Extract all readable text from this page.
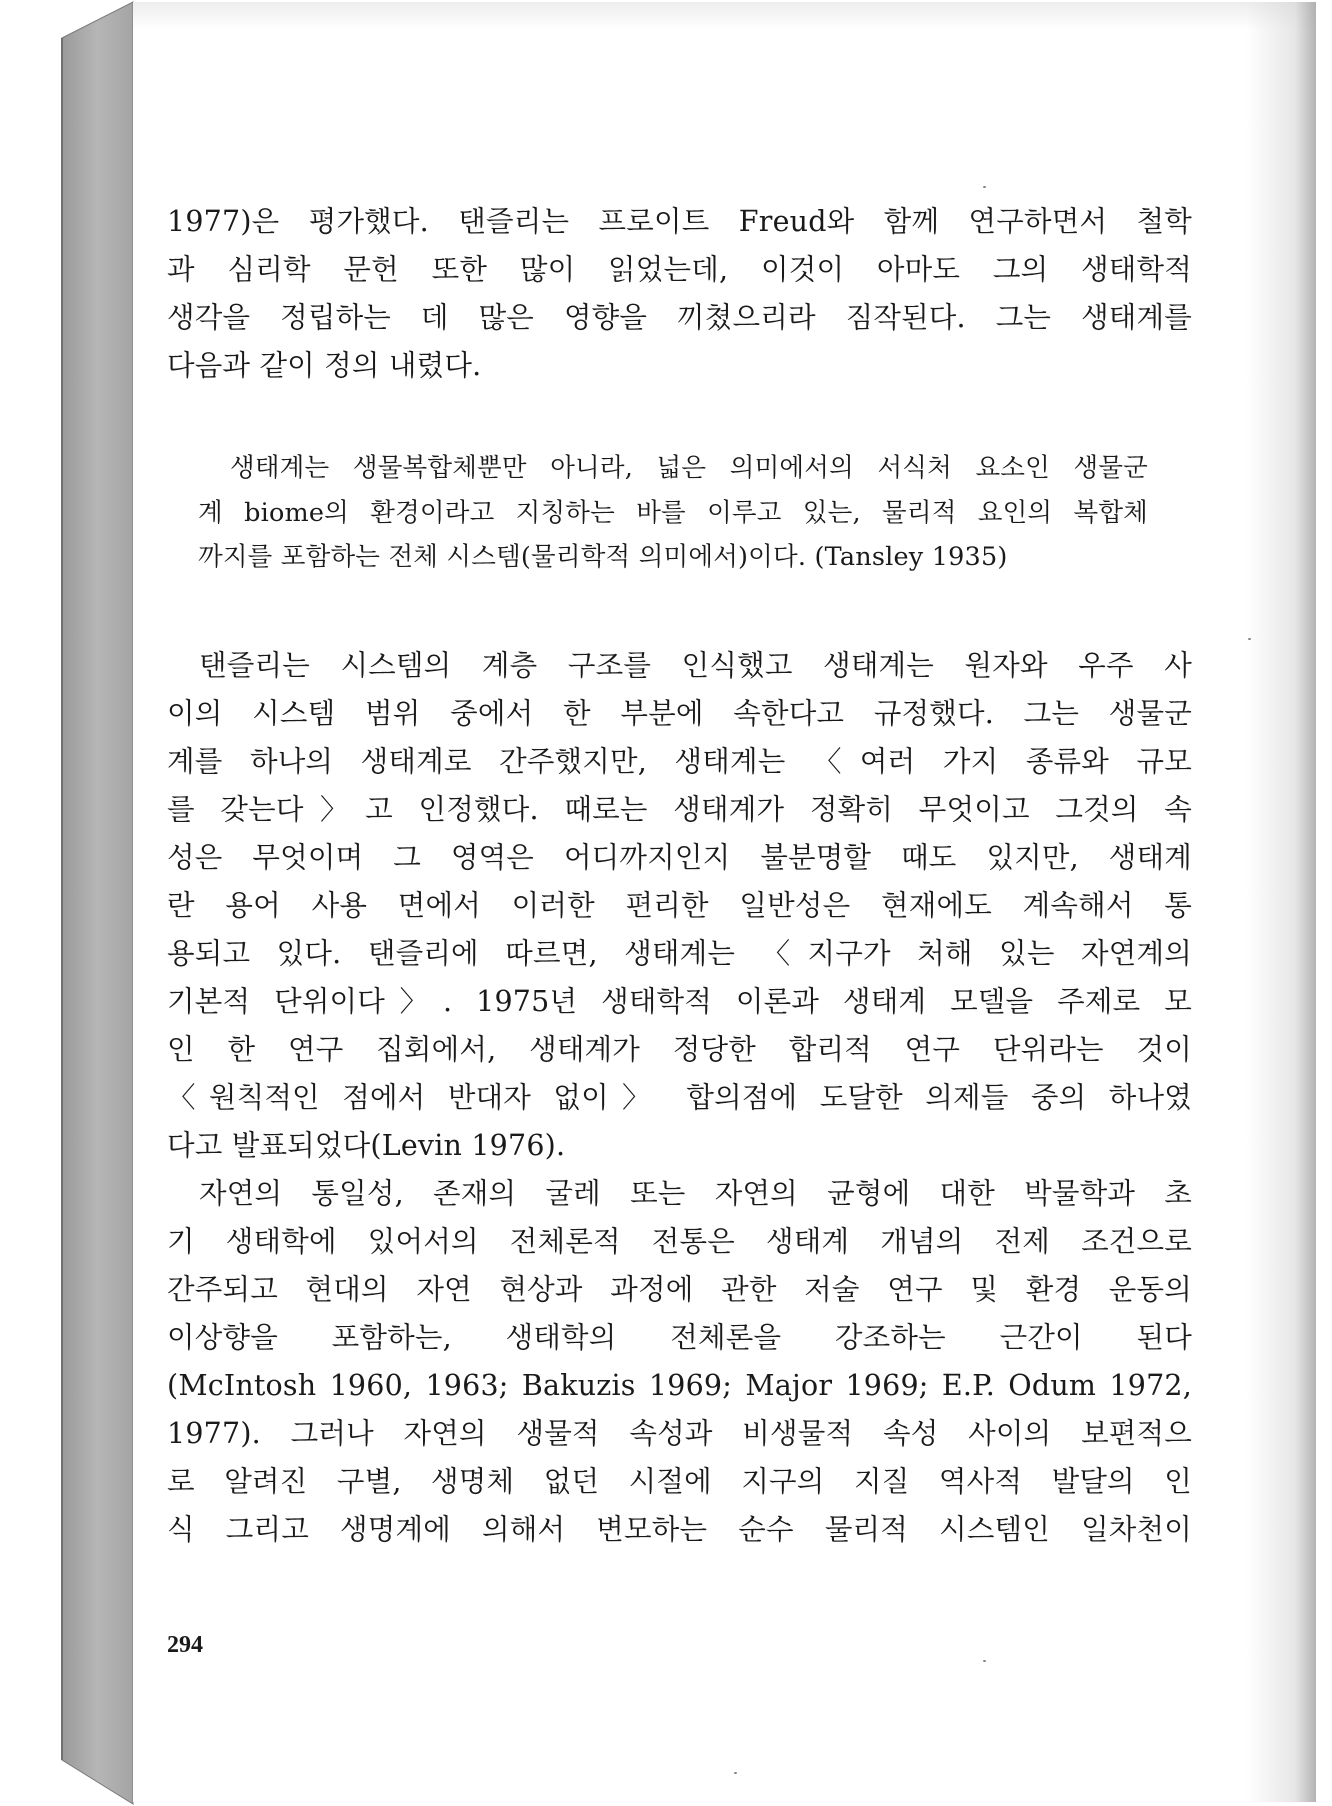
1977)은 평가했다. 탠즐리는 프로이트 Freud와 함께 연구하면서 철학
과 심리학 문헌 또한 많이 읽었는데, 이것이 아마도 그의 생태학적
생각을 정립하는 데 많은 영향을 끼쳤으리라 짐작된다. 그는 생태계를
다음과 같이 정의 내렸다.
생태계는 생물복합체뿐만 아니라, 넓은 의미에서의 서식처 요소인 생물군
계 biome의 환경이라고 지칭하는 바를 이루고 있는, 물리적 요인의 복합체
까지를 포함하는 전체 시스템(물리학적 의미에서)이다. (Tansley 1935)
탠즐리는 시스템의 계층 구조를 인식했고 생태계는 원자와 우주 사
이의 시스템 범위 중에서 한 부분에 속한다고 규정했다. 그는 생물군
계를 하나의 생태계로 간주했지만, 생태계는 〈여러 가지 종류와 규모
를 갖는다〉고 인정했다. 때로는 생태계가 정확히 무엇이고 그것의 속
성은 무엇이며 그 영역은 어디까지인지 불분명할 때도 있지만, 생태계
란 용어 사용 면에서 이러한 편리한 일반성은 현재에도 계속해서 통
용되고 있다. 탠즐리에 따르면, 생태계는 〈지구가 처해 있는 자연계의
기본적 단위이다〉. 1975년 생태학적 이론과 생태계 모델을 주제로 모
인 한 연구 집회에서, 생태계가 정당한 합리적 연구 단위라는 것이
〈원칙적인 점에서 반대자 없이〉 합의점에 도달한 의제들 중의 하나였
다고 발표되었다(Levin 1976).
자연의 통일성, 존재의 굴레 또는 자연의 균형에 대한 박물학과 초
기 생태학에 있어서의 전체론적 전통은 생태계 개념의 전제 조건으로
간주되고 현대의 자연 현상과 과정에 관한 저술 연구 및 환경 운동의
이상향을 포함하는, 생태학의 전체론을 강조하는 근간이 된다
(McIntosh 1960, 1963; Bakuzis 1969; Major 1969; E.P. Odum 1972,
1977). 그러나 자연의 생물적 속성과 비생물적 속성 사이의 보편적으
로 알려진 구별, 생명체 없던 시절에 지구의 지질 역사적 발달의 인
식 그리고 생명계에 의해서 변모하는 순수 물리적 시스템인 일차천이
294
